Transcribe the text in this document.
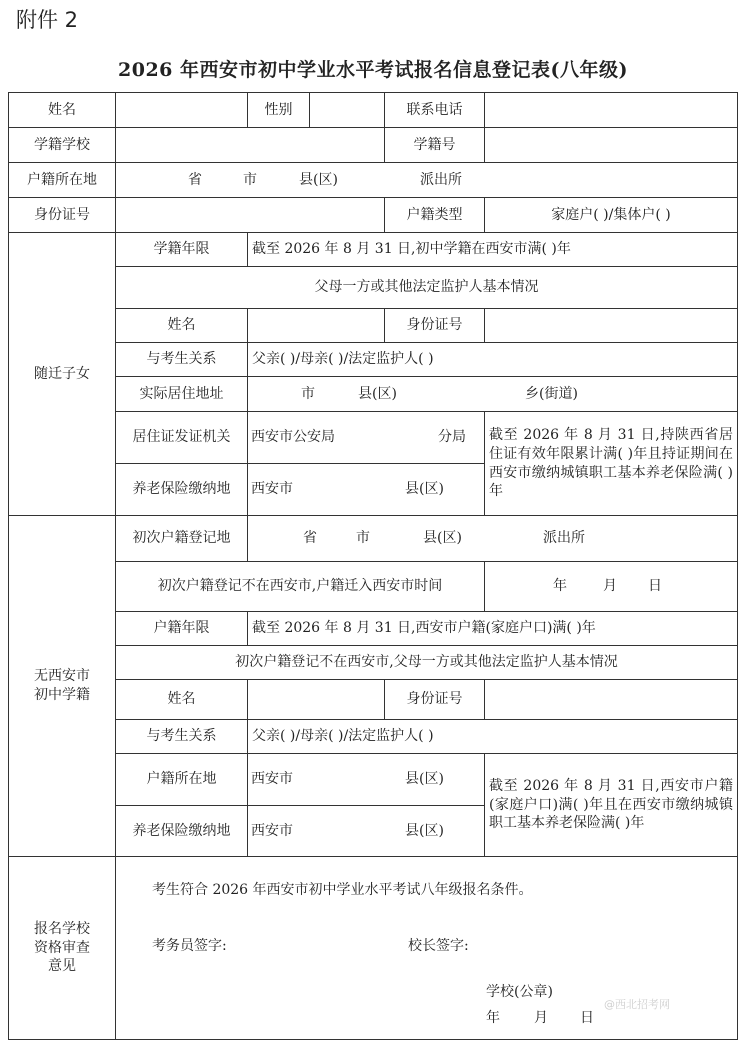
附件 2
2026 年西安市初中学业水平考试报名信息登记表(八年级)
姓名	性别	联系电话
学籍学校	学籍号
户籍所在地	省	市	县(区)	派出所
身份证号	户籍类型	家庭户( )/集体户( )
随迁子女
学籍年限	截至 2026 年 8 月 31 日,初中学籍在西安市满( )年
父母一方或其他法定监护人基本情况
姓名	身份证号
与考生关系	父亲( )/母亲( )/法定监护人( )
实际居住地址	市	县(区)	乡(街道)
居住证发证机关	西安市公安局	分局
养老保险缴纳地	西安市	县(区)
截至 2026 年 8 月 31 日,持陕西省居住证有效年限累计满( )年且持证期间在西安市缴纳城镇职工基本养老保险满( )年
无西安市
初中学籍
初次户籍登记地	省	市	县(区)	派出所
初次户籍登记不在西安市,户籍迁入西安市时间	年	月 日
户籍年限	截至 2026 年 8 月 31 日,西安市户籍(家庭户口)满( )年
初次户籍登记不在西安市,父母一方或其他法定监护人基本情况
姓名	身份证号
与考生关系	父亲( )/母亲( )/法定监护人( )
户籍所在地	西安市	县(区)
养老保险缴纳地	西安市	县(区)
截至 2026 年 8 月 31 日,西安市户籍(家庭户口)满( )年且在西安市缴纳城镇职工基本养老保险满( )年
报名学校
资格审查
意见
考生符合 2026 年西安市初中学业水平考试八年级报名条件。
考务员签字:	校长签字:
学校(公章)
年 月 日
@西北招考网
